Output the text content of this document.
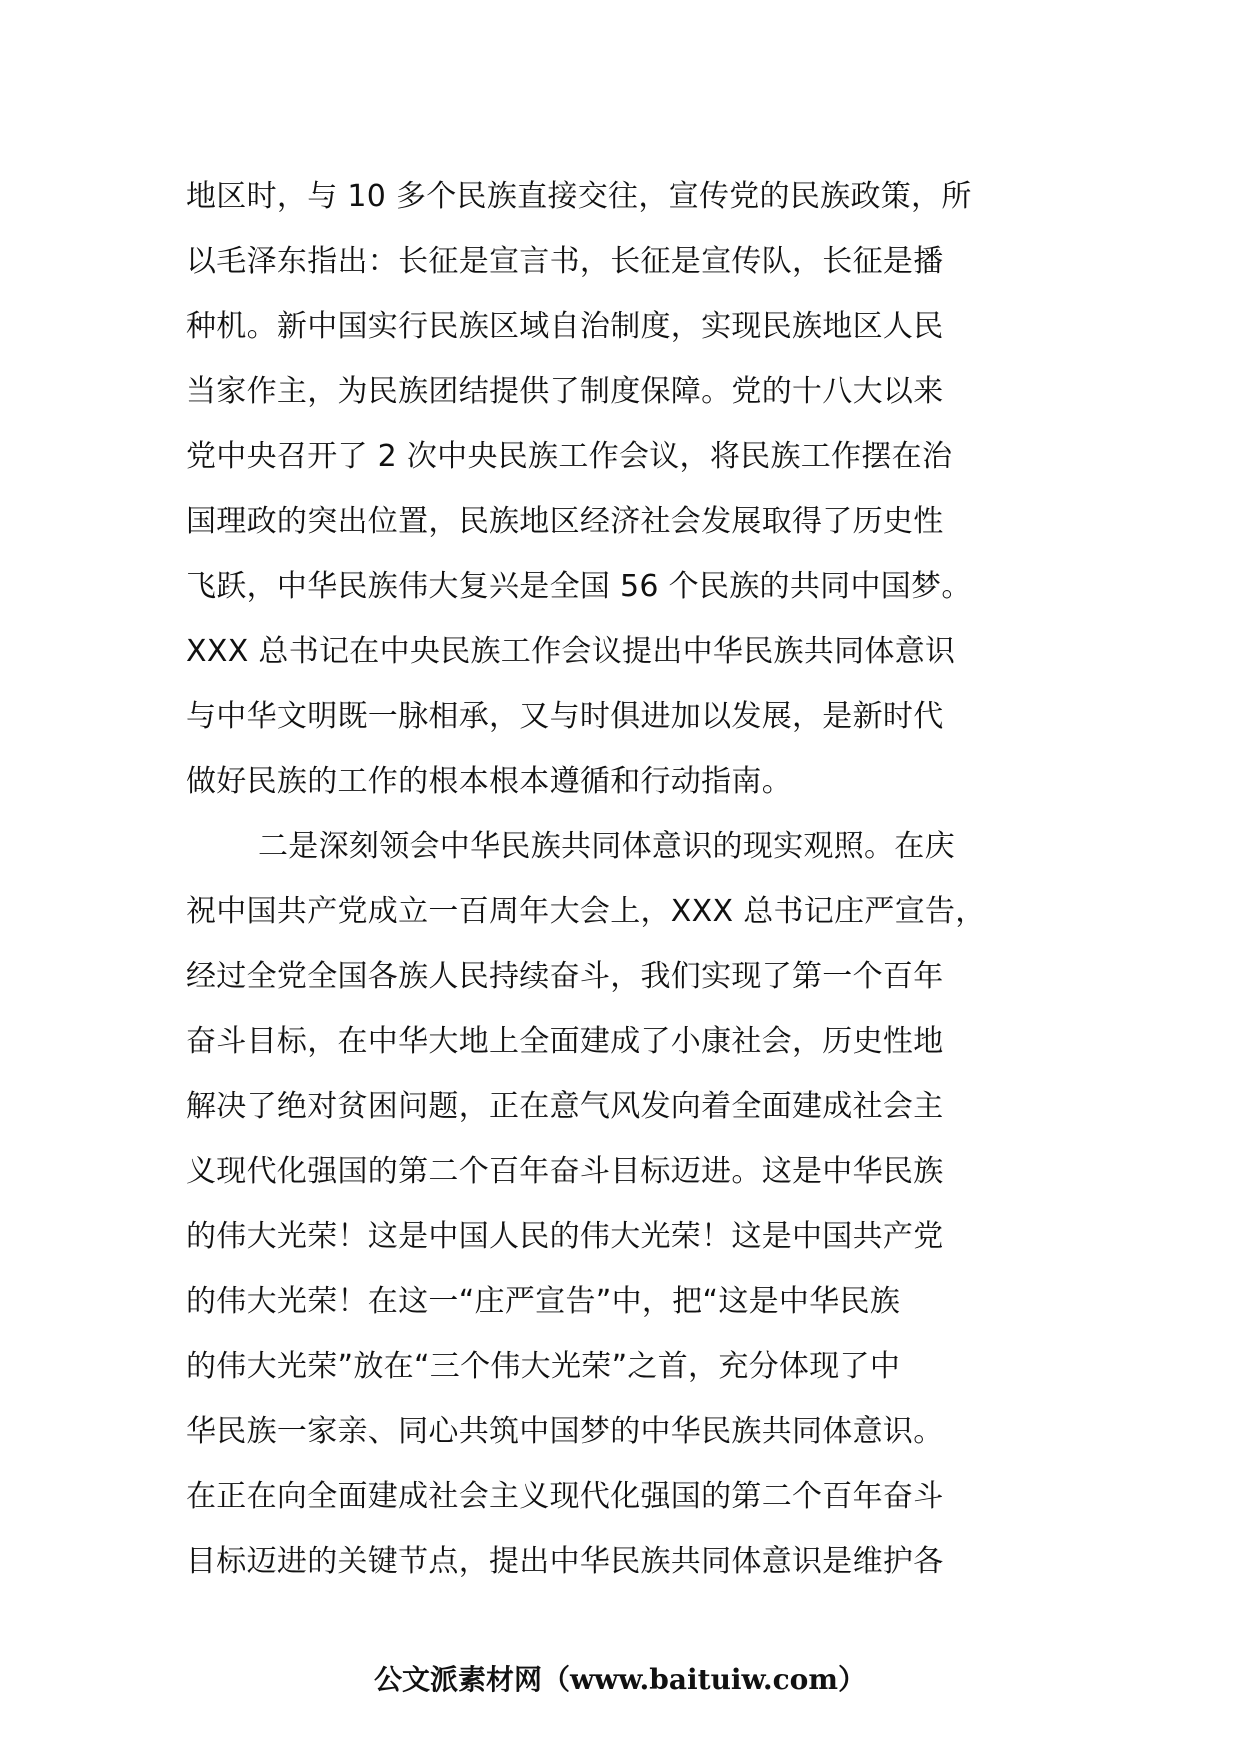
地区时，与 10 多个民族直接交往，宣传党的民族政策，所
以毛泽东指出：长征是宣言书，长征是宣传队，长征是播
种机。新中国实行民族区域自治制度，实现民族地区人民
当家作主，为民族团结提供了制度保障。党的十八大以来
党中央召开了 2 次中央民族工作会议，将民族工作摆在治
国理政的突出位置，民族地区经济社会发展取得了历史性
飞跃，中华民族伟大复兴是全国 56 个民族的共同中国梦。
XXX 总书记在中央民族工作会议提出中华民族共同体意识
与中华文明既一脉相承，又与时俱进加以发展，是新时代
做好民族的工作的根本根本遵循和行动指南。
二是深刻领会中华民族共同体意识的现实观照。在庆
祝中国共产党成立一百周年大会上，XXX 总书记庄严宣告，
经过全党全国各族人民持续奋斗，我们实现了第一个百年
奋斗目标，在中华大地上全面建成了小康社会，历史性地
解决了绝对贫困问题，正在意气风发向着全面建成社会主
义现代化强国的第二个百年奋斗目标迈进。这是中华民族
的伟大光荣！这是中国人民的伟大光荣！这是中国共产党
的伟大光荣！在这一“庄严宣告”中，把“这是中华民族
的伟大光荣”放在“三个伟大光荣”之首，充分体现了中
华民族一家亲、同心共筑中国梦的中华民族共同体意识。
在正在向全面建成社会主义现代化强国的第二个百年奋斗
目标迈进的关键节点，提出中华民族共同体意识是维护各
公文派素材网（www.baituiw.com）
